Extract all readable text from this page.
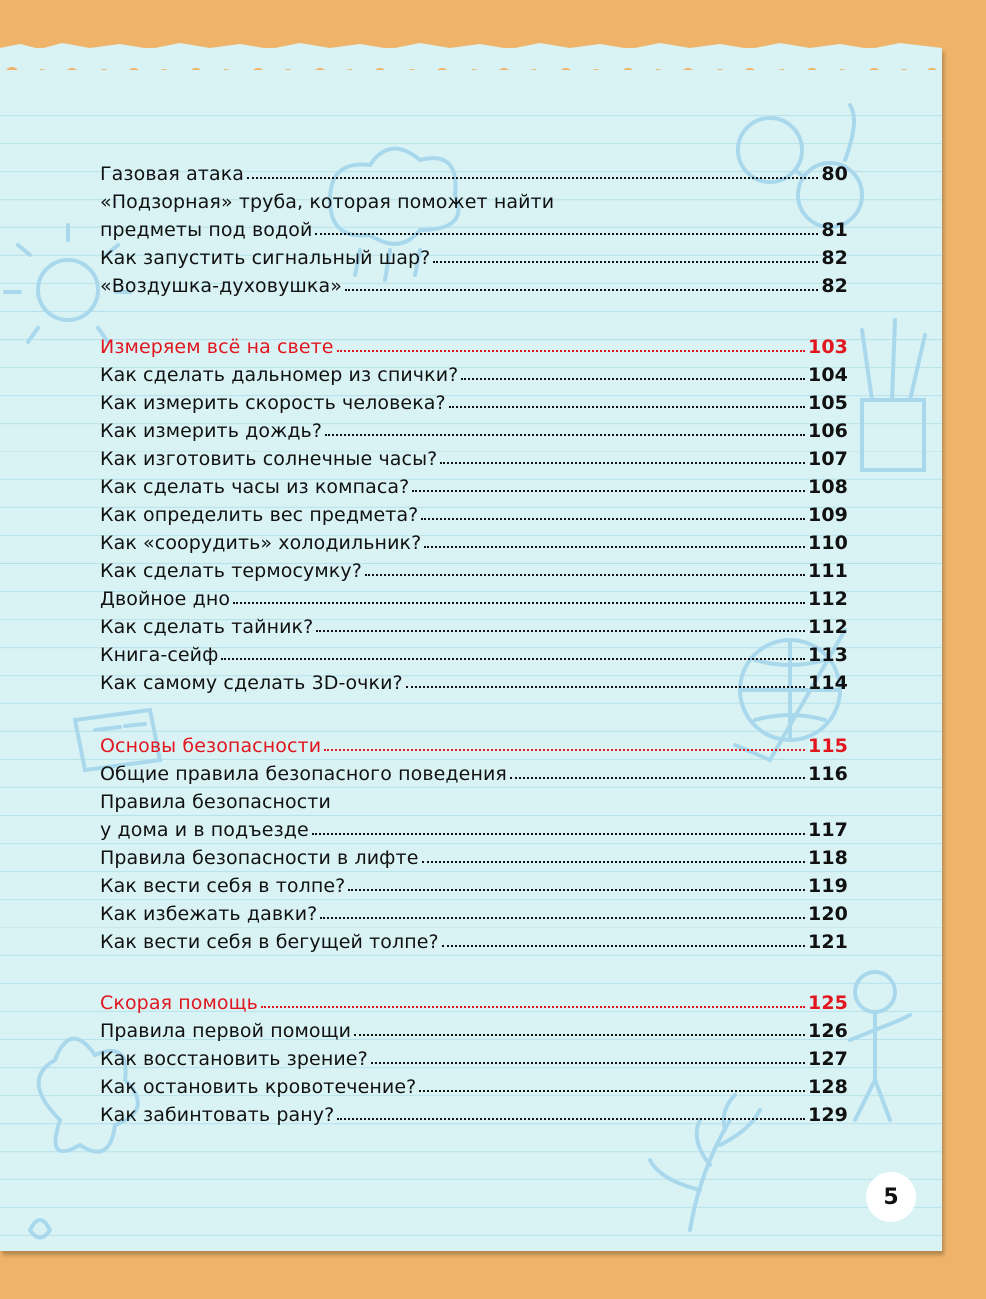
Газовая атака	80
«Подзорная» труба, которая поможет найти
предметы под водой	81
Как запустить сигнальный шар?	82
«Воздушка-духовушка»	82
Измеряем всё на свете	103
Как сделать дальномер из спички?	104
Как измерить скорость человека?	105
Как измерить дождь?	106
Как изготовить солнечные часы?	107
Как сделать часы из компаса?	108
Как определить вес предмета?	109
Как «соорудить» холодильник?	110
Как сделать термосумку?	111
Двойное дно	112
Как сделать тайник?	112
Книга-сейф	113
Как самому сделать 3D-очки?	114
Основы безопасности	115
Общие правила безопасного поведения	116
Правила безопасности
у дома и в подъезде	117
Правила безопасности в лифте	118
Как вести себя в толпе?	119
Как избежать давки?	120
Как вести себя в бегущей толпе?	121
Скорая помощь	125
Правила первой помощи	126
Как восстановить зрение?	127
Как остановить кровотечение?	128
Как забинтовать рану?	129
5
